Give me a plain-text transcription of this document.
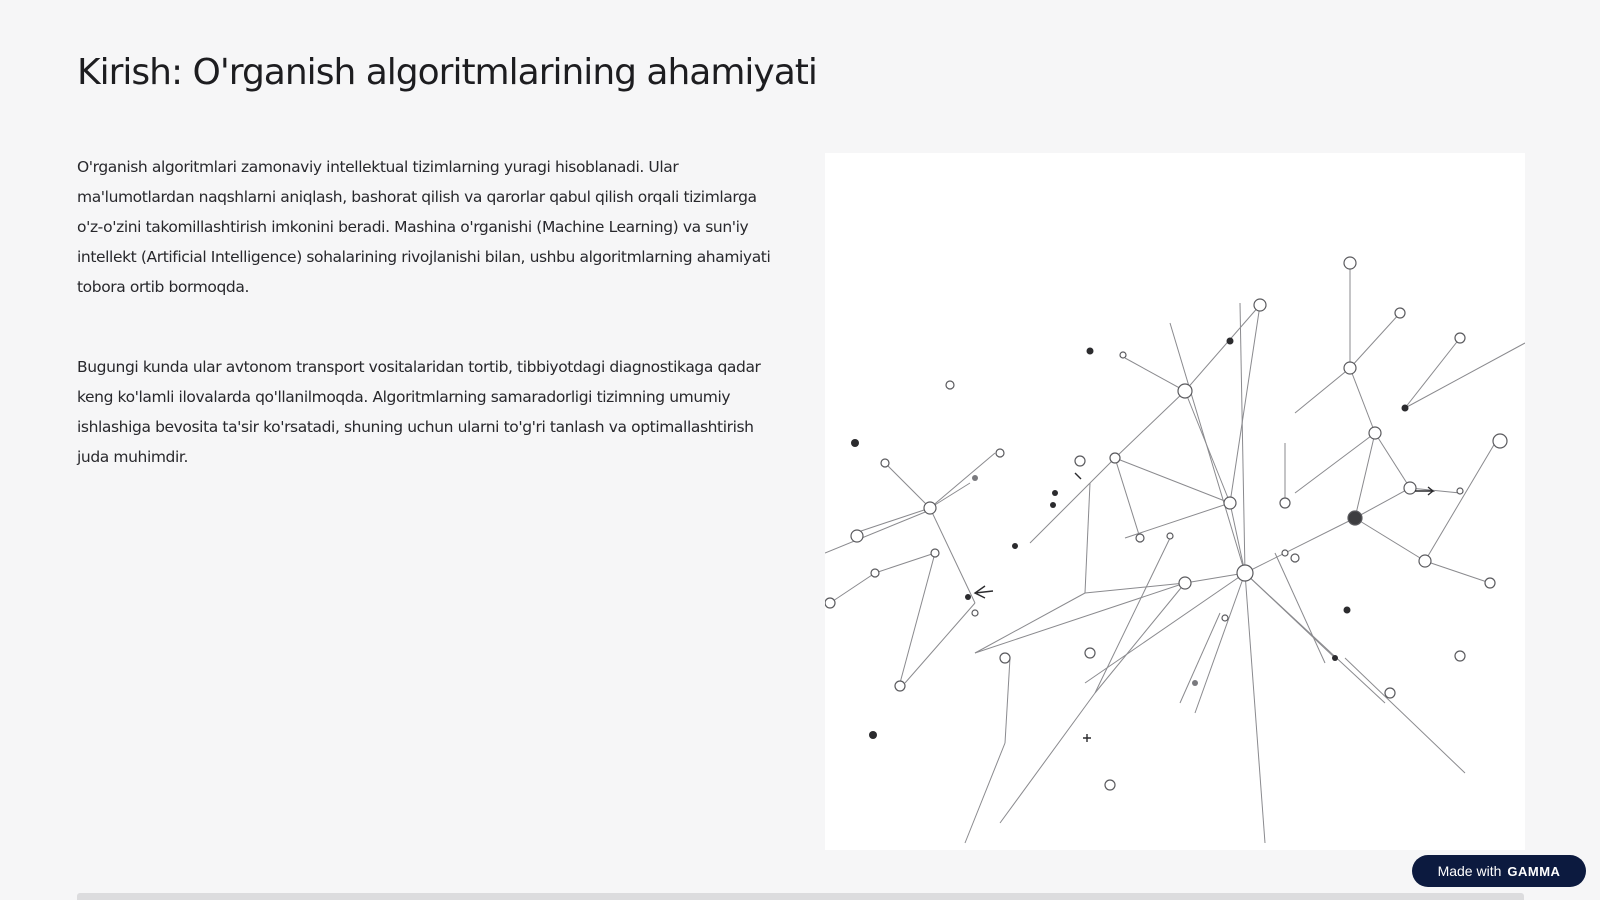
Kirish: O'rganish algoritmlarining ahamiyati

O'rganish algoritmlari zamonaviy intellektual tizimlarning yuragi hisoblanadi. Ular ma'lumotlardan naqshlarni aniqlash, bashorat qilish va qarorlar qabul qilish orqali tizimlarga o'z-o'zini takomillashtirish imkonini beradi. Mashina o'rganishi (Machine Learning) va sun'iy intellekt (Artificial Intelligence) sohalarining rivojlanishi bilan, ushbu algoritmlarning ahamiyati tobora ortib bormoqda.

Bugungi kunda ular avtonom transport vositalaridan tortib, tibbiyotdagi diagnostikaga qadar keng ko'lamli ilovalarda qo'llanilmoqda. Algoritmlarning samaradorligi tizimning umumiy ishlashiga bevosita ta'sir ko'rsatadi, shuning uchun ularni to'g'ri tanlash va optimallashtirish juda muhimdir.

Made with GAMMA
